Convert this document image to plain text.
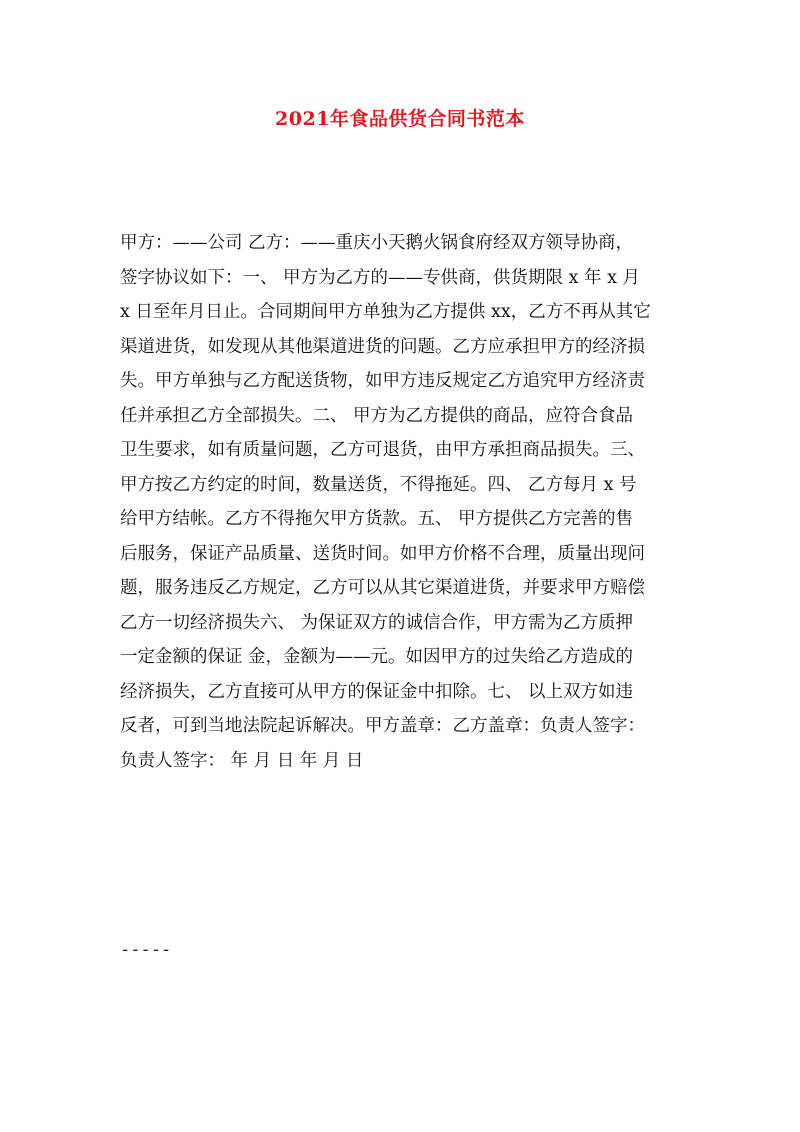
2021年食品供货合同书范本
甲方：——公司 乙方：——重庆小天鹅火锅食府经双方领导协商，
签字协议如下：一、 甲方为乙方的——专供商，供货期限 x 年 x 月
x 日至年月日止。合同期间甲方单独为乙方提供 xx，乙方不再从其它
渠道进货，如发现从其他渠道进货的问题。乙方应承担甲方的经济损
失。甲方单独与乙方配送货物，如甲方违反规定乙方追究甲方经济责
任并承担乙方全部损失。二、 甲方为乙方提供的商品，应符合食品
卫生要求，如有质量问题，乙方可退货，由甲方承担商品损失。三、
甲方按乙方约定的时间，数量送货，不得拖延。四、 乙方每月 x 号
给甲方结帐。乙方不得拖欠甲方货款。五、 甲方提供乙方完善的售
后服务，保证产品质量、送货时间。如甲方价格不合理，质量出现问
题，服务违反乙方规定，乙方可以从其它渠道进货，并要求甲方赔偿
乙方一切经济损失六、 为保证双方的诚信合作，甲方需为乙方质押
一定金额的保证 金，金额为——元。如因甲方的过失给乙方造成的
经济损失，乙方直接可从甲方的保证金中扣除。七、 以上双方如违
反者，可到当地法院起诉解决。甲方盖章：乙方盖章：负责人签字：
负责人签字： 年 月 日 年 月 日
-----
